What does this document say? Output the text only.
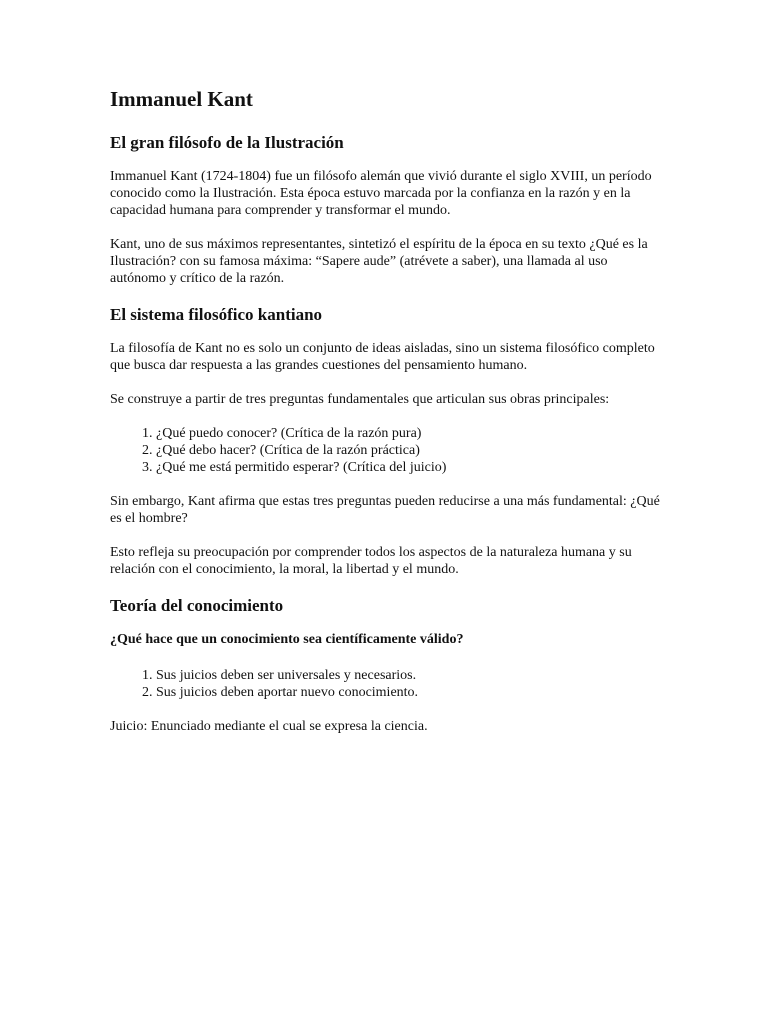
Immanuel Kant
El gran filósofo de la Ilustración

Immanuel Kant (1724-1804) fue un filósofo alemán que vivió durante el siglo XVIII, un período conocido como la Ilustración. Esta época estuvo marcada por la confianza en la razón y en la capacidad humana para comprender y transformar el mundo.

Kant, uno de sus máximos representantes, sintetizó el espíritu de la época en su texto ¿Qué es la Ilustración? con su famosa máxima: “Sapere aude” (atrévete a saber), una llamada al uso autónomo y crítico de la razón.

El sistema filosófico kantiano

La filosofía de Kant no es solo un conjunto de ideas aisladas, sino un sistema filosófico completo que busca dar respuesta a las grandes cuestiones del pensamiento humano.

Se construye a partir de tres preguntas fundamentales que articulan sus obras principales:

1. ¿Qué puedo conocer? (Crítica de la razón pura)
2. ¿Qué debo hacer? (Crítica de la razón práctica)
3. ¿Qué me está permitido esperar? (Crítica del juicio)

Sin embargo, Kant afirma que estas tres preguntas pueden reducirse a una más fundamental: ¿Qué es el hombre?

Esto refleja su preocupación por comprender todos los aspectos de la naturaleza humana y su relación con el conocimiento, la moral, la libertad y el mundo.

Teoría del conocimiento
¿Qué hace que un conocimiento sea científicamente válido?
1. Sus juicios deben ser universales y necesarios.
2. Sus juicios deben aportar nuevo conocimiento.

Juicio: Enunciado mediante el cual se expresa la ciencia.
